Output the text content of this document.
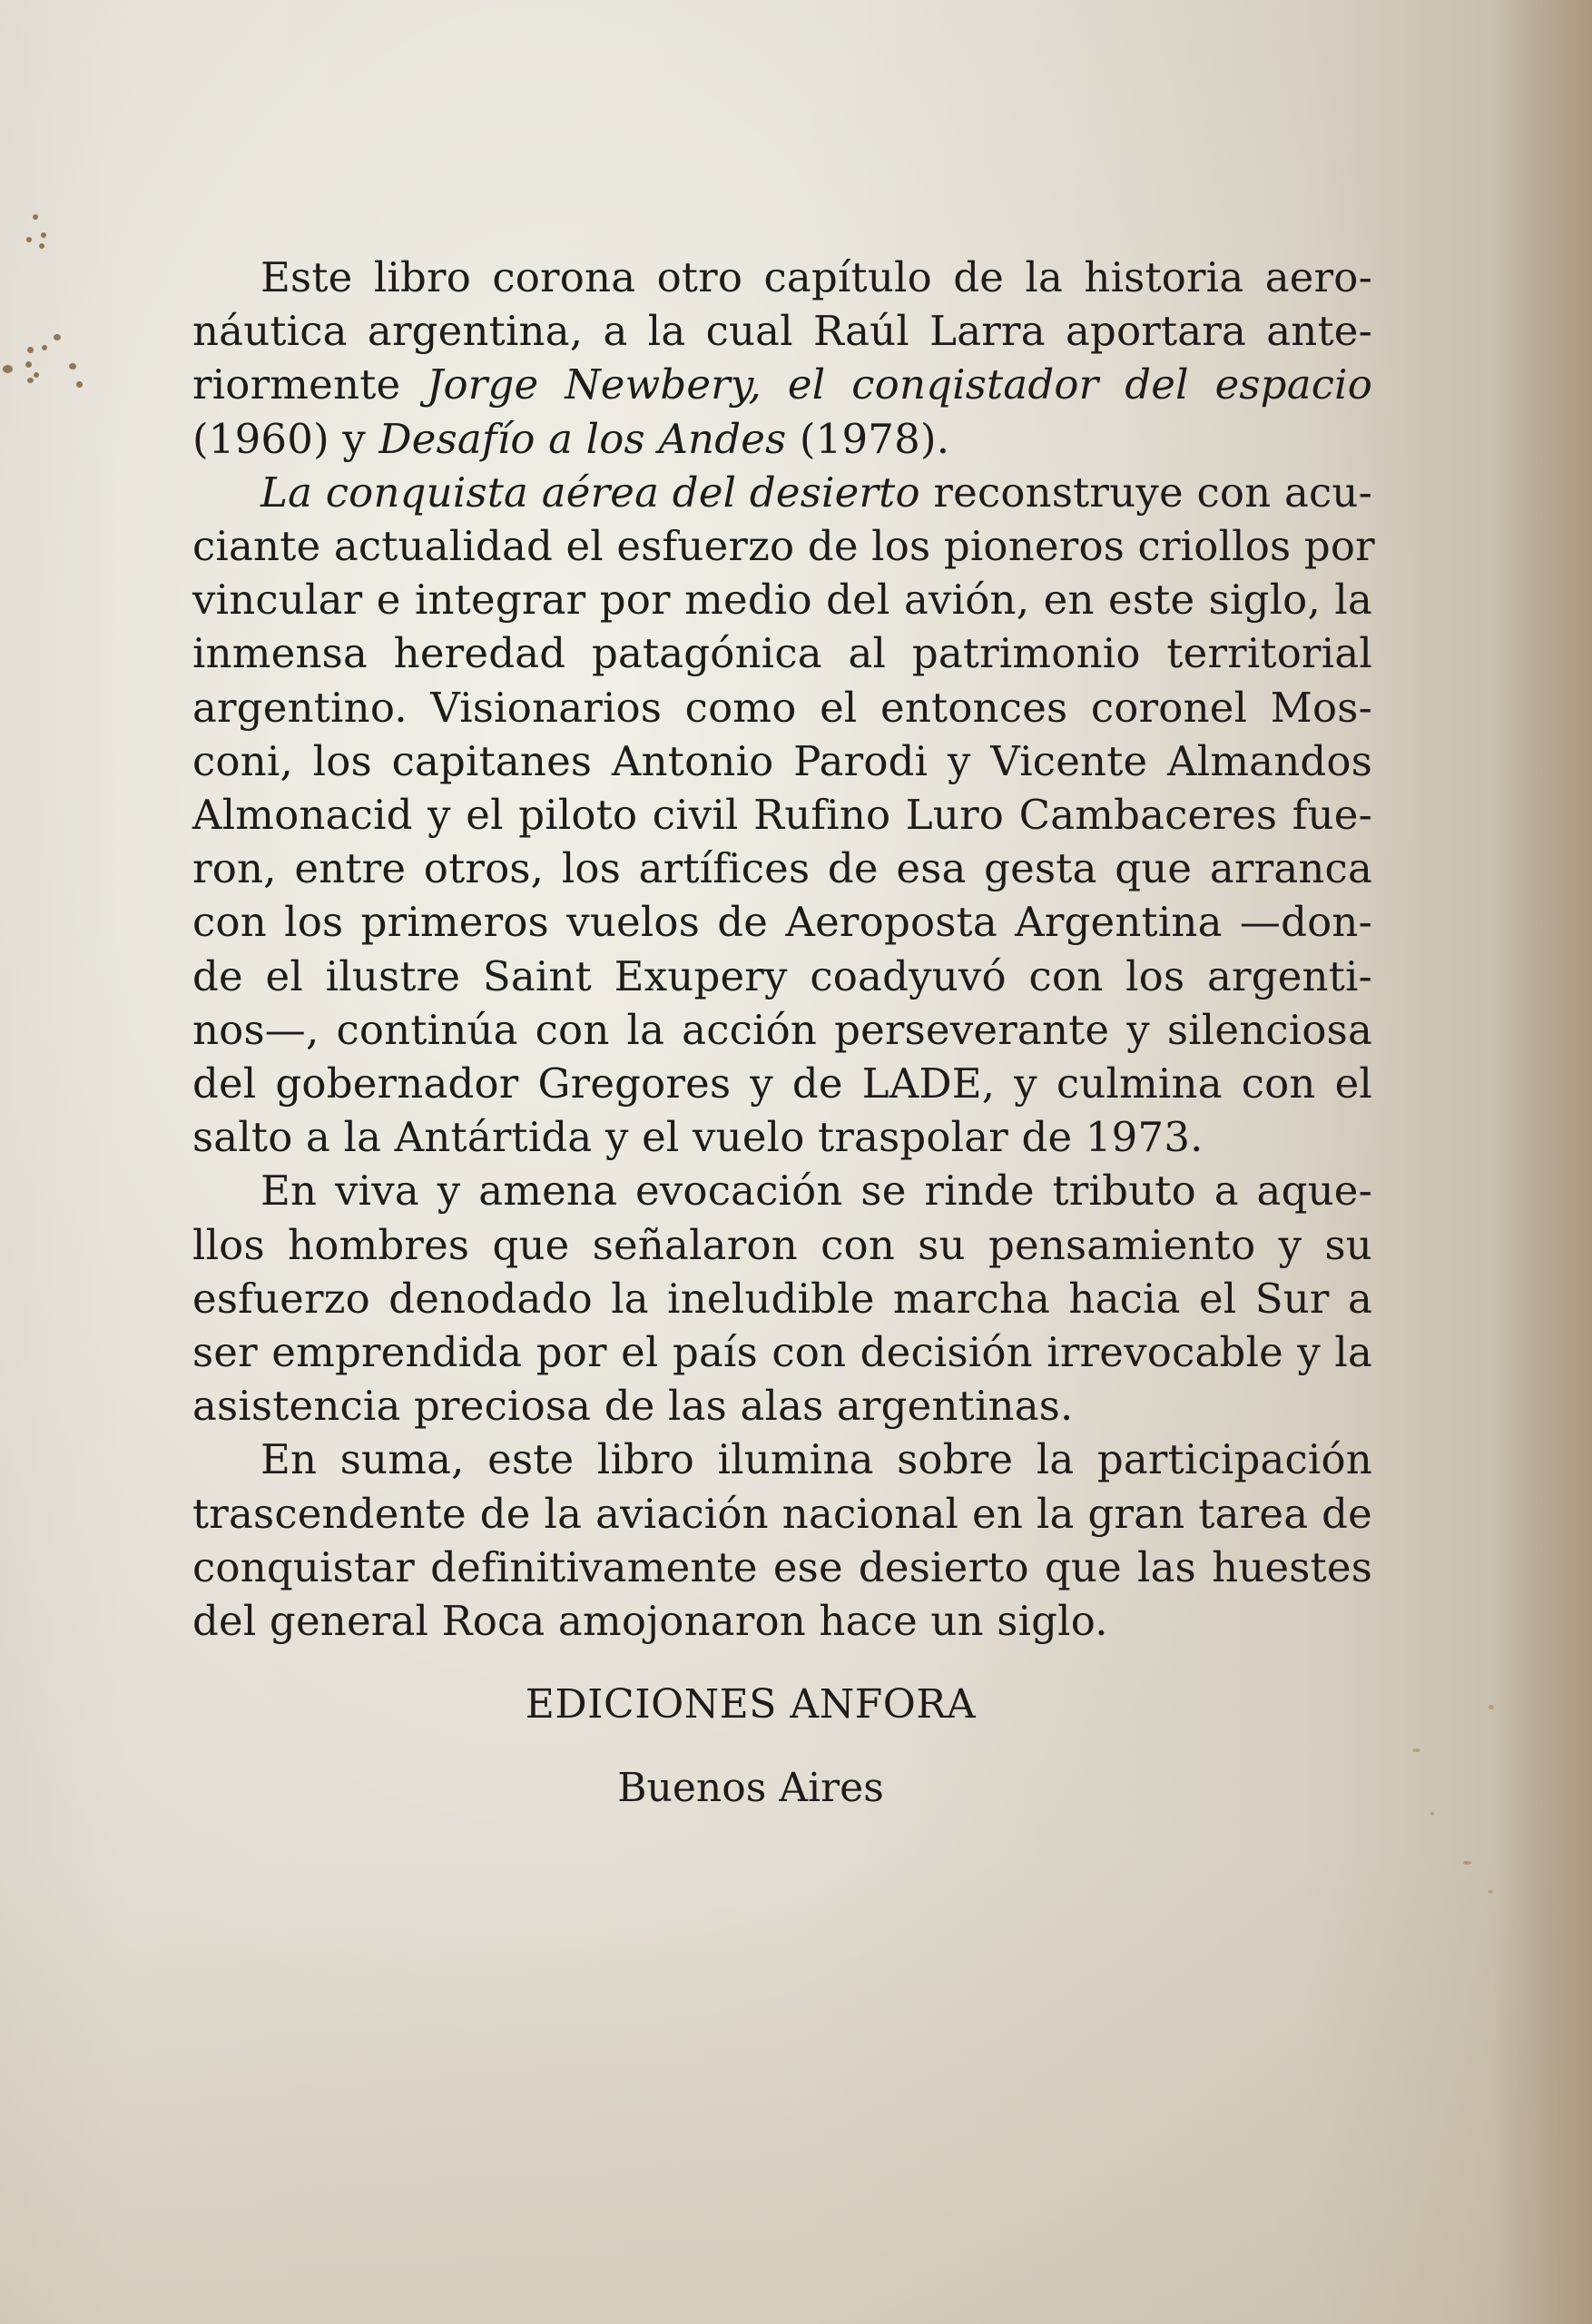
Este libro corona otro capítulo de la historia aero-
náutica argentina, a la cual Raúl Larra aportara ante-
riormente Jorge Newbery, el conqistador del espacio
(1960) y Desafío a los Andes (1978).

La conquista aérea del desierto reconstruye con acu-
ciante actualidad el esfuerzo de los pioneros criollos por
vincular e integrar por medio del avión, en este siglo, la
inmensa heredad patagónica al patrimonio territorial
argentino. Visionarios como el entonces coronel Mos-
coni, los capitanes Antonio Parodi y Vicente Almandos
Almonacid y el piloto civil Rufino Luro Cambaceres fue-
ron, entre otros, los artífices de esa gesta que arranca
con los primeros vuelos de Aeroposta Argentina —don-
de el ilustre Saint Exupery coadyuvó con los argenti-
nos—, continúa con la acción perseverante y silenciosa
del gobernador Gregores y de LADE, y culmina con el
salto a la Antártida y el vuelo traspolar de 1973.

En viva y amena evocación se rinde tributo a aque-
llos hombres que señalaron con su pensamiento y su
esfuerzo denodado la ineludible marcha hacia el Sur a
ser emprendida por el país con decisión irrevocable y la
asistencia preciosa de las alas argentinas.

En suma, este libro ilumina sobre la participación
trascendente de la aviación nacional en la gran tarea de
conquistar definitivamente ese desierto que las huestes
del general Roca amojonaron hace un siglo.

EDICIONES ANFORA
Buenos Aires
